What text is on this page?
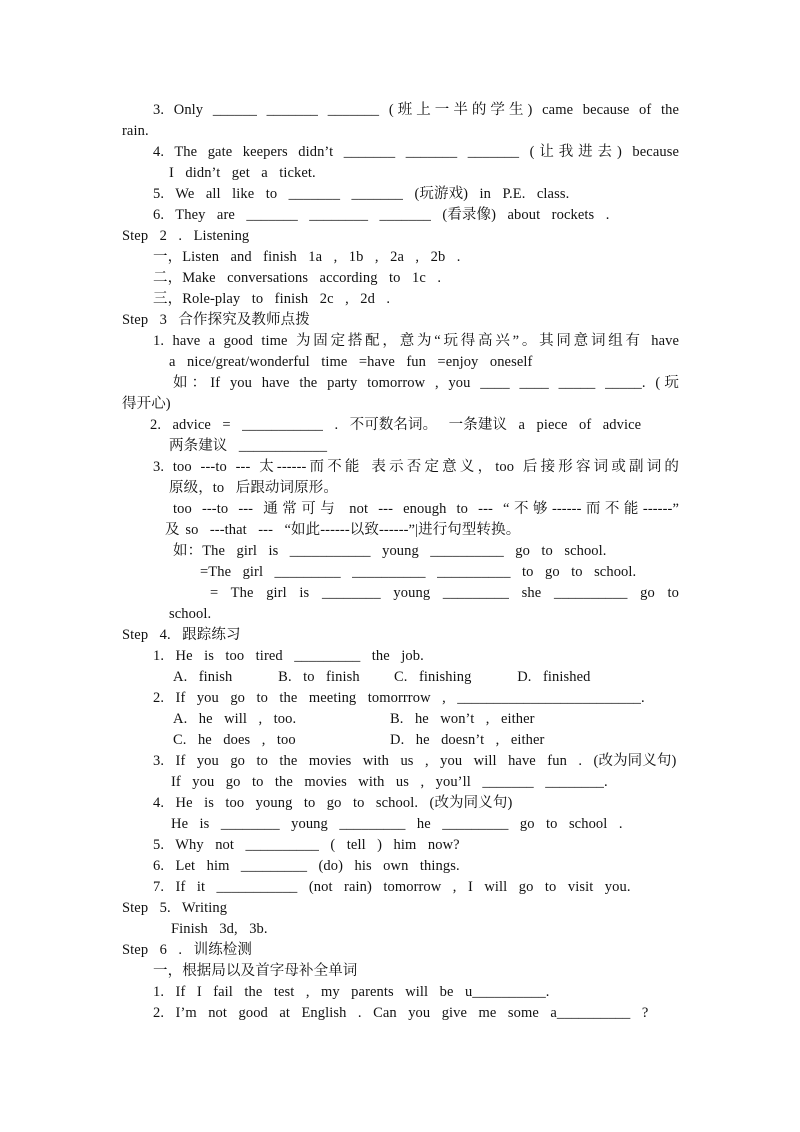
3. Only ______ _______ _______ (班上一半的学生) came because of the
rain.
4. The gate keepers didn’t _______ _______ _______ (让我进去) because
I  didn’t  get  a  ticket.
5.  We  all  like  to  _______  _______  (玩游戏)  in  P.E.  class.
6.  They  are  _______  ________  _______  (看录像)  about  rockets  .
Step  2  .  Listening
一，Listen  and  finish  1a  ,  1b  ,  2a  ,  2b  .
二，Make  conversations  according  to  1c  .
三，Role-play  to  finish  2c  ,  2d  .
Step  3  合作探究及教师点拨
1. have a good time 为固定搭配，意为“玩得高兴”。其同意词组有 have
a  nice/great/wonderful  time  =have  fun  =enjoy  oneself
如：If you have the party tomorrow , you ____ ____ _____ _____. (玩
得开心)
2.  advice  =  ___________  .  不可数名词。  一条建议  a  piece  of  advice
两条建议  ____________
3. too ---to --- 太------而不能 表示否定意义，too 后接形容词或副词的
原级，to  后跟动词原形。
too ---to --- 通常可与 not --- enough to --- “不够------而不能------”
及 so  ---that  ---  “如此------以致------”|进行句型转换。
如：The  girl  is  ___________  young  __________  go  to  school.
=The  girl  _________  __________  __________  to  go  to  school.
= The girl is ________ young _________ she __________ go to
school.
Step  4.  跟踪练习
1.  He  is  too  tired  _________  the  job.
A.  finish        B.  to  finish      C.  finishing        D.  finished
2.  If  you  go  to  the  meeting  tomorrrow  ,  _________________________.
A.  he  will  ,  too.	B.  he  won’t  ,  either
C.  he  does  ,  too	D.  he  doesn’t  ,  either
3.  If  you  go  to  the  movies  with  us  ,  you  will  have  fun  .  (改为同义句)
If  you  go  to  the  movies  with  us  ,  you’ll  _______  ________.
4.  He  is  too  young  to  go  to  school.  (改为同义句)
He  is  ________  young  _________  he  _________  go  to  school  .
5.  Why  not  __________  (  tell  )  him  now?
6.  Let  him  _________  (do)  his  own  things.
7.  If  it  ___________  (not  rain)  tomorrow  ,  I  will  go  to  visit  you.
Step  5.  Writing
Finish  3d,  3b.
Step  6  .  训练检测
一，根据局以及首字母补全单词
1.  If  I  fail  the  test  ,  my  parents  will  be  u__________.
2.  I’m  not  good  at  English  .  Can  you  give  me  some  a__________  ?
